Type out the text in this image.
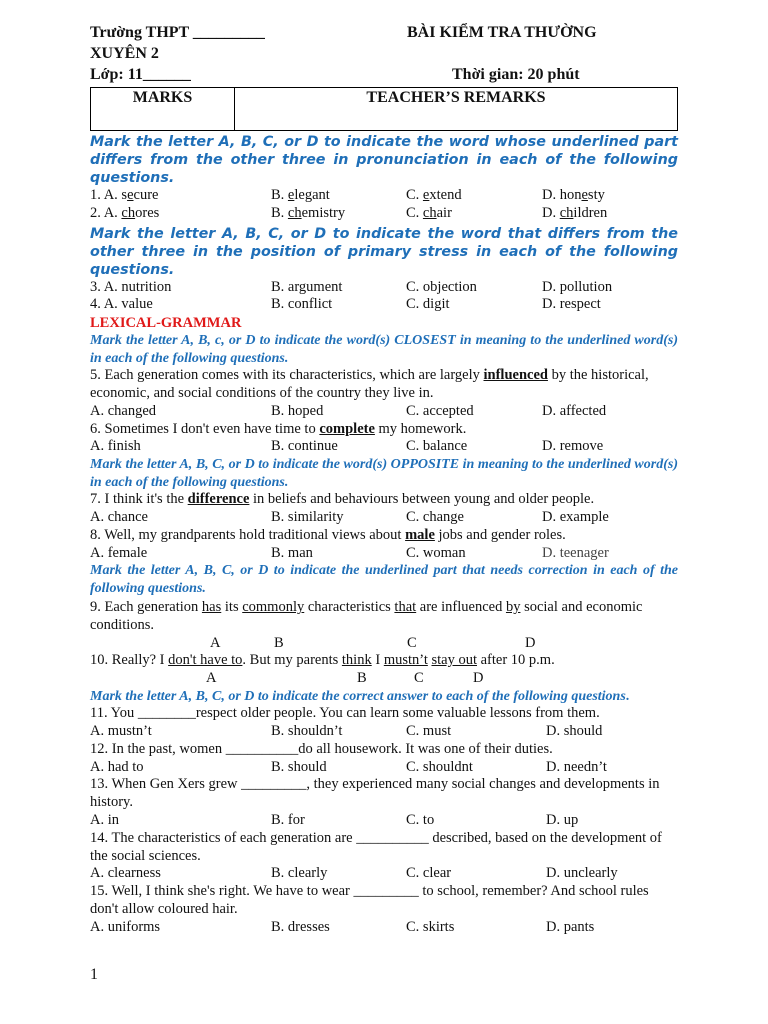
Trường THPT _________
XUYÊN 2
Lớp: 11______
BÀI KIỂM TRA THƯỜNG
Thời gian: 20 phút
MARKS	TEACHER’S REMARKS
Mark the letter A, B, C, or D to indicate the word whose underlined part differs from the other three in pronunciation in each of the following questions.
1. A. secure	B. elegant	C. extend	D. honesty
2. A. chores	B. chemistry	C. chair	D. children
Mark the letter A, B, C, or D to indicate the word that differs from the other three in the position of primary stress in each of the following questions.
3. A. nutrition	B. argument	C. objection	D. pollution
4. A. value	B. conflict	C. digit	D. respect
LEXICAL-GRAMMAR
Mark the letter A, B, c, or D to indicate the word(s) CLOSEST in meaning to the underlined word(s) in each of the following questions.
5. Each generation comes with its characteristics, which are largely influenced by the historical, economic, and social conditions of the country they live in.
A. changed	B. hoped	C. accepted	D. affected
6. Sometimes I don't even have time to complete my homework.
A. finish	B. continue	C. balance	D. remove
Mark the letter A, B, C, or D to indicate the word(s) OPPOSITE in meaning to the underlined word(s) in each of the following questions.
7. I think it's the difference in beliefs and behaviours between young and older people.
A. chance	B. similarity	C. change	D. example
8. Well, my grandparents hold traditional views about male jobs and gender roles.
A. female	B. man	C. woman	D. teenager
Mark the letter A, B, C, or D to indicate the underlined part that needs correction in each of the following questions.
9. Each generation has its commonly characteristics that are influenced by social and economic conditions.
A	B	C	D
10. Really? I don't have to. But my parents think I mustn’t stay out after 10 p.m.
A	B	C	D
Mark the letter A, B, C, or D to indicate the correct answer to each of the following questions.
11. You ________respect older people. You can learn some valuable lessons from them.
A. mustn’t	B. shouldn’t	C. must	D. should
12. In the past, women __________do all housework. It was one of their duties.
A. had to	B. should	C. shouldnt	D. needn’t
13. When Gen Xers grew _________, they experienced many social changes and developments in history.
A. in	B. for	C. to	D. up
14. The characteristics of each generation are __________ described, based on the development of the social sciences.
A. clearness	B. clearly	C. clear	D. unclearly
15. Well, I think she's right. We have to wear _________ to school, remember? And school rules don't allow coloured hair.
A. uniforms	B. dresses	C. skirts	D. pants
1
